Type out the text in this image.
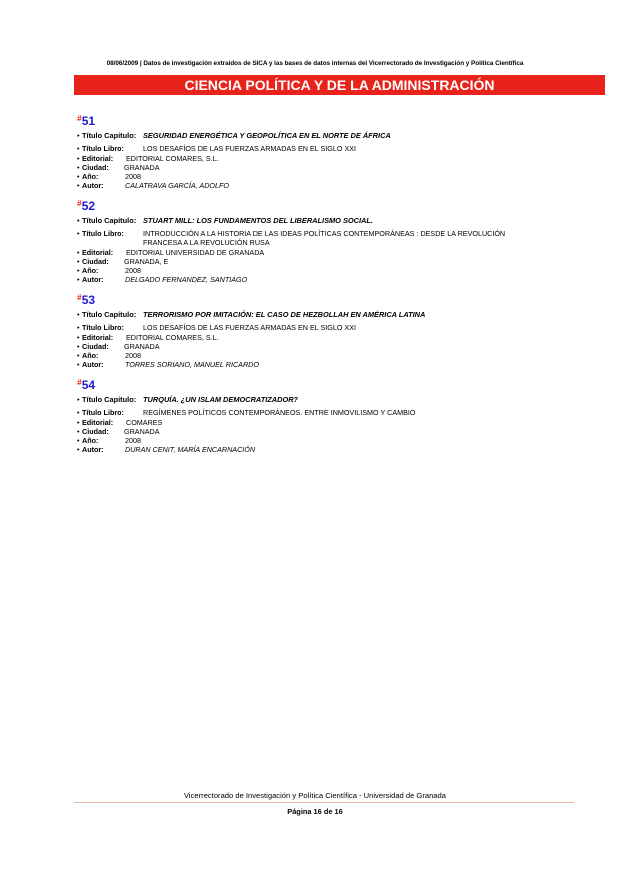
08/06/2009 | Datos de investigación extraídos de SICA y las bases de datos internas del Vicerrectorado de Investigación y Política Científica
CIENCIA POLÍTICA Y DE LA ADMINISTRACIÓN
#51
• Título Capítulo: SEGURIDAD ENERGÉTICA Y GEOPOLÍTICA EN EL NORTE DE ÁFRICA
• Título Libro:	LOS DESAFÍOS DE LAS FUERZAS ARMADAS EN EL SIGLO XXI
• Editorial:	EDITORIAL COMARES, S.L.
• Ciudad:	GRANADA
• Año:	2008
• Autor:	CALATRAVA GARCÍA, ADOLFO
#52
• Título Capítulo: STUART MILL: LOS FUNDAMENTOS DEL LIBERALISMO SOCIAL.
• Título Libro:	INTRODUCCIÓN A LA HISTORIA DE LAS IDEAS POLÍTICAS CONTEMPORÁNEAS : DESDE LA REVOLUCIÓN FRANCESA A LA REVOLUCIÓN RUSA
• Editorial:	EDITORIAL UNIVERSIDAD DE GRANADA
• Ciudad:	GRANADA, E
• Año:	2008
• Autor:	DELGADO FERNANDEZ, SANTIAGO
#53
• Título Capítulo: TERRORISMO POR IMITACIÓN: EL CASO DE HEZBOLLAH EN AMÉRICA LATINA
• Título Libro:	LOS DESAFÍOS DE LAS FUERZAS ARMADAS EN EL SIGLO XXI
• Editorial:	EDITORIAL COMARES, S.L.
• Ciudad:	GRANADA
• Año:	2008
• Autor:	TORRES SORIANO, MANUEL RICARDO
#54
• Título Capítulo: TURQUÍA. ¿UN ISLAM DEMOCRATIZADOR?
• Título Libro:	REGÍMENES POLÍTICOS CONTEMPORÁNEOS. ENTRE INMOVILISMO Y CAMBIO
• Editorial:	COMARES
• Ciudad:	GRANADA
• Año:	2008
• Autor:	DURAN CENIT, MARÍA ENCARNACIÓN
Vicerrectorado de Investigación y Política Científica - Universidad de Granada
Página 16 de 16
